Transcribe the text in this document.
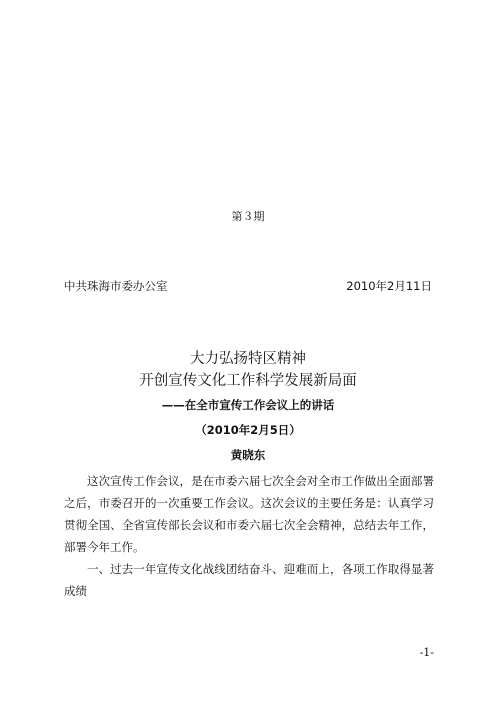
第３期
中共珠海市委办公室	2010年2月11日
大力弘扬特区精神
开创宣传文化工作科学发展新局面
——在全市宣传工作会议上的讲话
（2010年2月5日）
黄晓东

这次宣传工作会议，是在市委六届七次全会对全市工作做出全面部署之后，市委召开的一次重要工作会议。这次会议的主要任务是：认真学习贯彻全国、全省宣传部长会议和市委六届七次全会精神，总结去年工作，部署今年工作。

一、过去一年宣传文化战线团结奋斗、迎难而上，各项工作取得显著成绩

-1-
